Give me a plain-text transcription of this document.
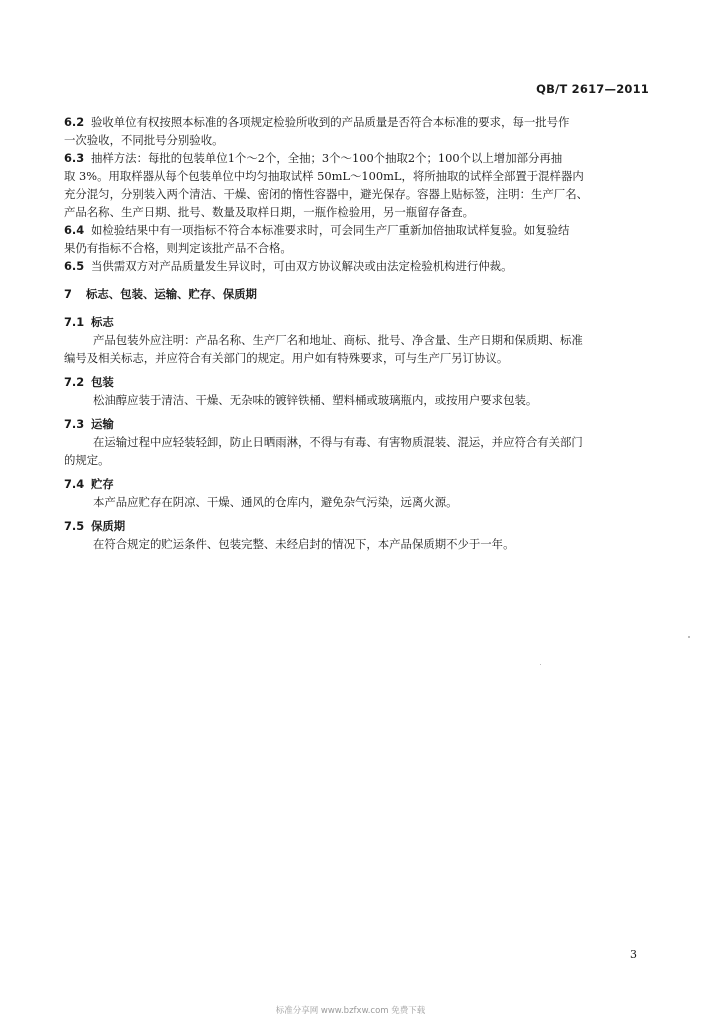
QB/T 2617—2011
6.2 验收单位有权按照本标准的各项规定检验所收到的产品质量是否符合本标准的要求，每一批号作
一次验收，不同批号分别验收。
6.3 抽样方法：每批的包装单位1个～2个，全抽；3个～100个抽取2个；100个以上增加部分再抽
取 3%。用取样器从每个包装单位中均匀抽取试样 50mL～100mL，将所抽取的试样全部置于混样器内
充分混匀，分别装入两个清洁、干燥、密闭的惰性容器中，避光保存。容器上贴标签，注明：生产厂名、
产品名称、生产日期、批号、数量及取样日期，一瓶作检验用，另一瓶留存备查。
6.4 如检验结果中有一项指标不符合本标准要求时，可会同生产厂重新加倍抽取试样复验。如复验结
果仍有指标不合格，则判定该批产品不合格。
6.5 当供需双方对产品质量发生异议时，可由双方协议解决或由法定检验机构进行仲裁。
7 标志、包装、运输、贮存、保质期
7.1 标志
产品包装外应注明：产品名称、生产厂名和地址、商标、批号、净含量、生产日期和保质期、标准
编号及相关标志，并应符合有关部门的规定。用户如有特殊要求，可与生产厂另订协议。
7.2 包装
松油醇应装于清洁、干燥、无杂味的镀锌铁桶、塑料桶或玻璃瓶内，或按用户要求包装。
7.3 运输
在运输过程中应轻装轻卸，防止日晒雨淋，不得与有毒、有害物质混装、混运，并应符合有关部门
的规定。
7.4 贮存
本产品应贮存在阴凉、干燥、通风的仓库内，避免杂气污染，远离火源。
7.5 保质期
在符合规定的贮运条件、包装完整、未经启封的情况下，本产品保质期不少于一年。
3
标准分享网 www.bzfxw.com 免费下载
